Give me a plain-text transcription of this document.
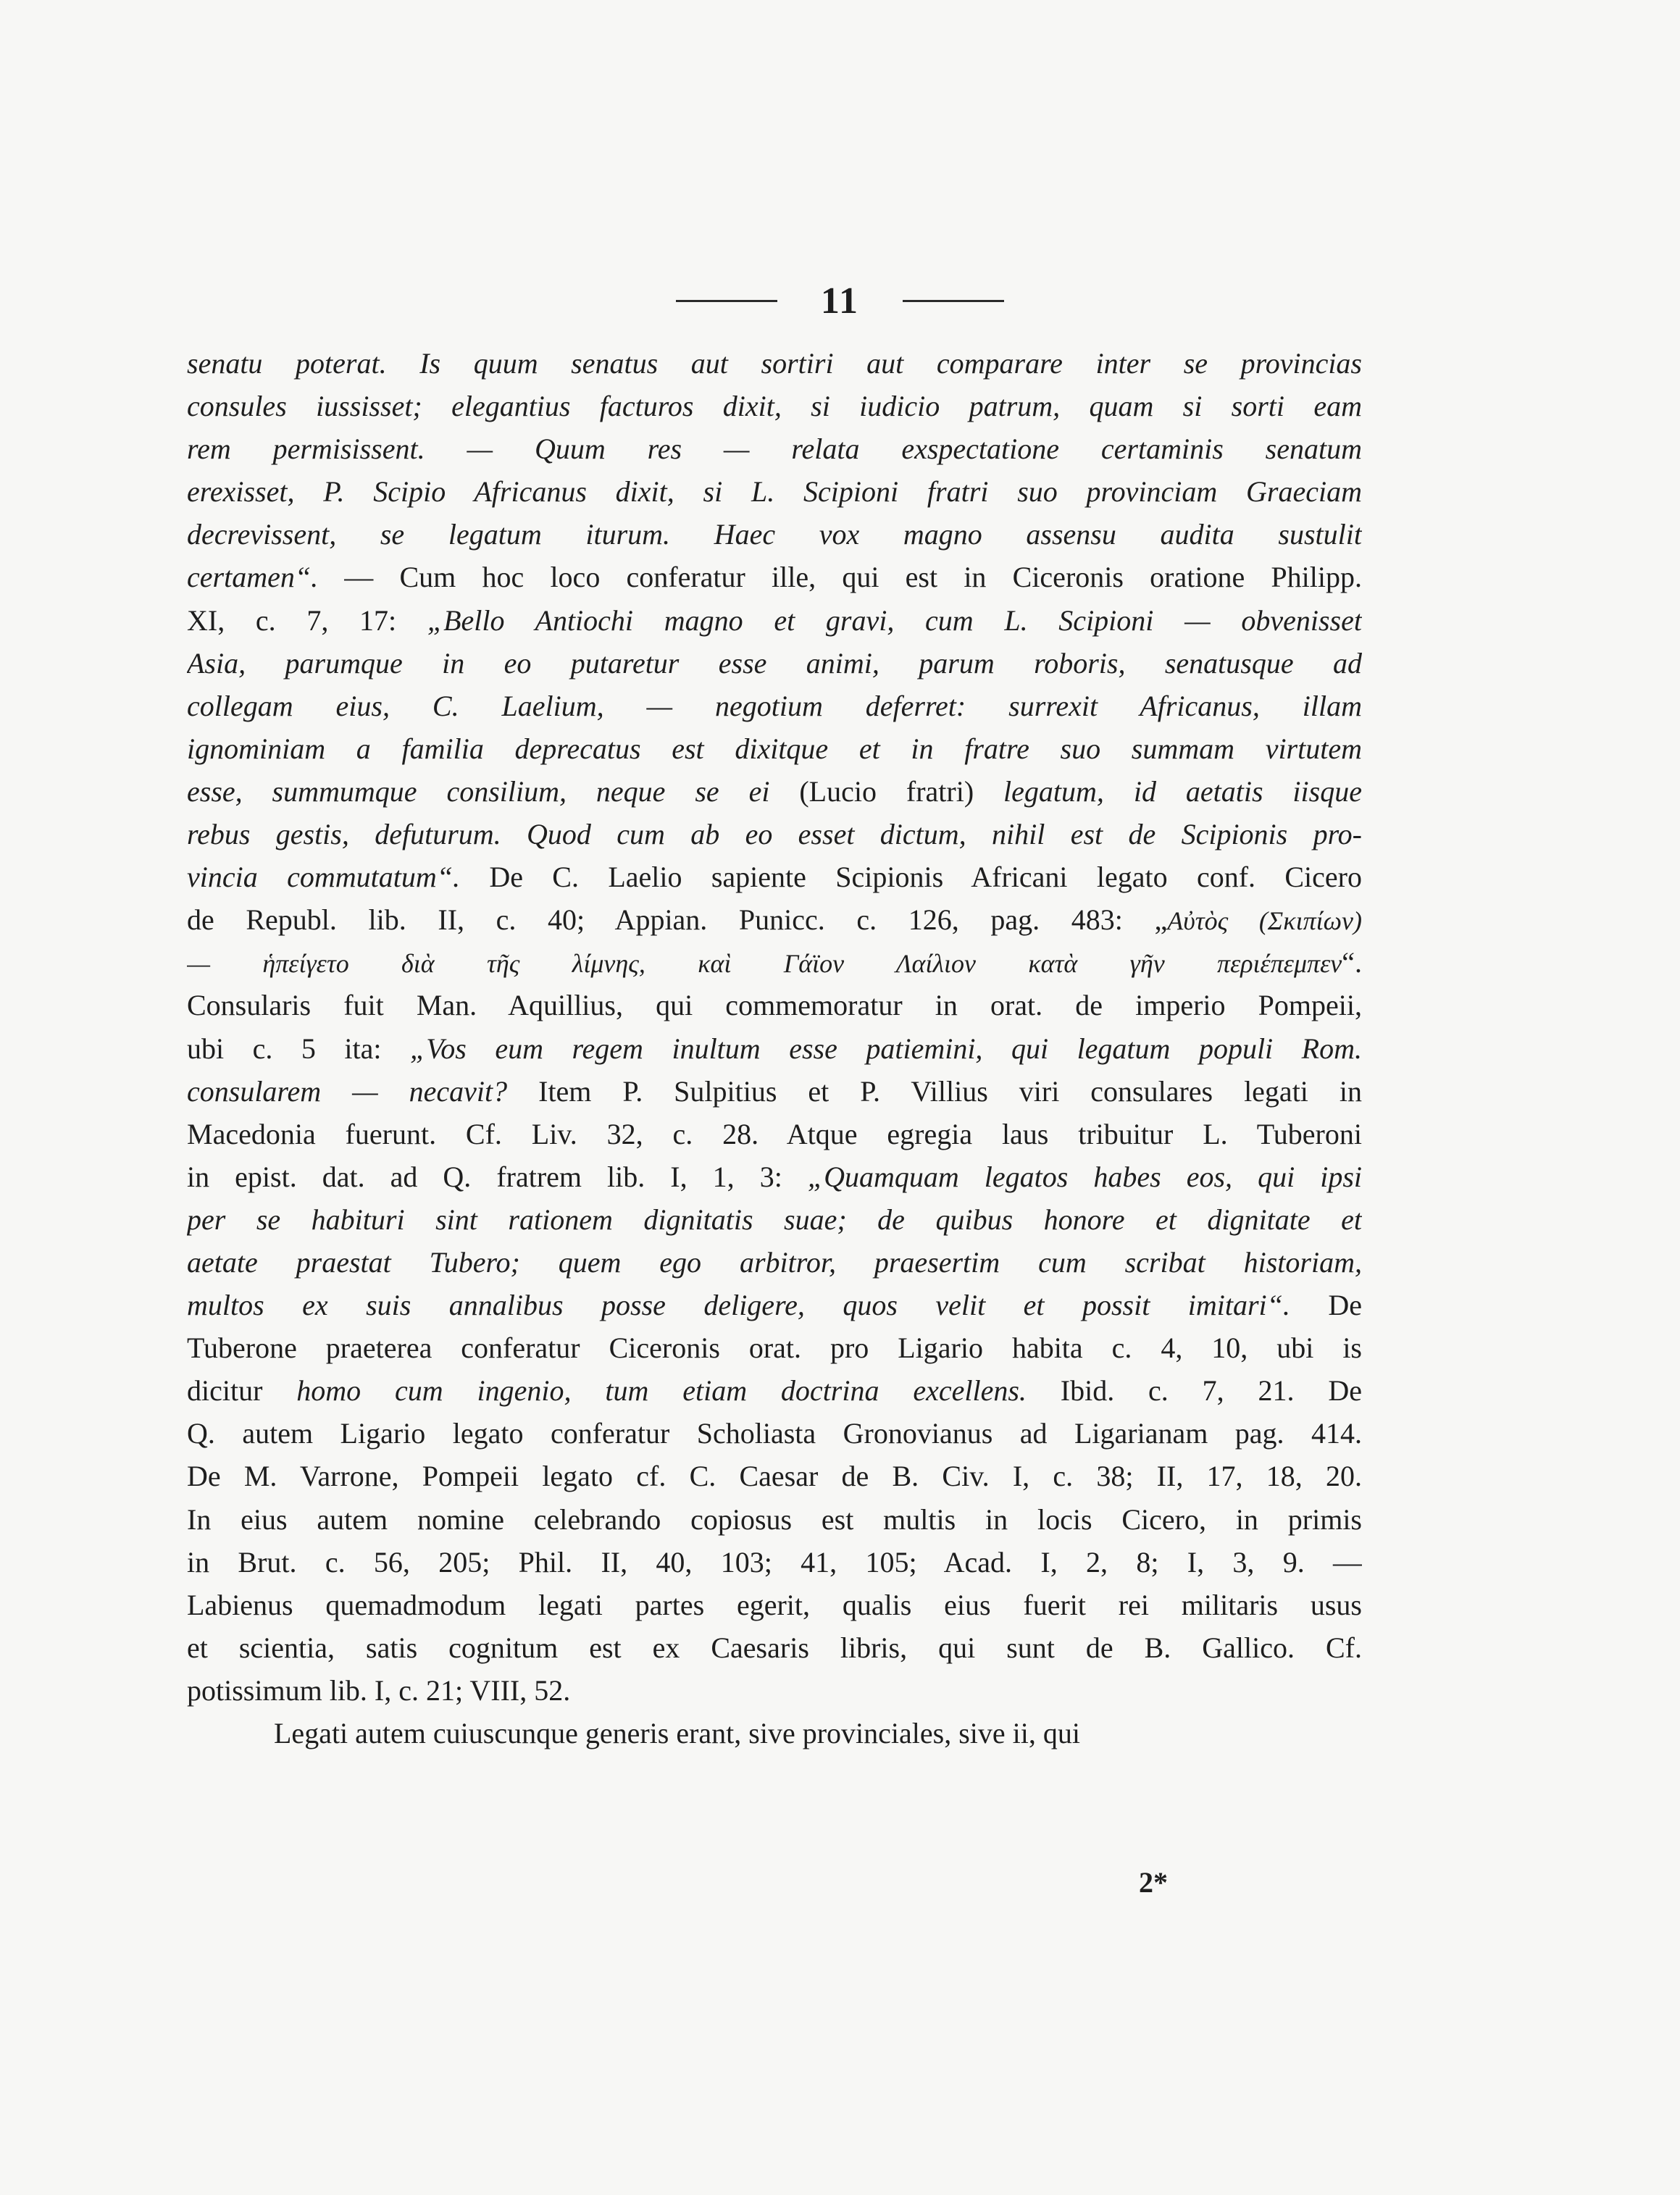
11
senatu poterat. Is quum senatus aut sortiri aut comparare inter se provincias
consules iussisset; elegantius facturos dixit, si iudicio patrum, quam si sorti eam
rem permisissent. — Quum res — relata exspectatione certaminis senatum
erexisset, P. Scipio Africanus dixit, si L. Scipioni fratri suo provinciam Graeciam
decrevissent, se legatum iturum. Haec vox magno assensu audita sustulit
certamen“. — Cum hoc loco conferatur ille, qui est in Ciceronis oratione Philipp.
XI, c. 7, 17: „Bello Antiochi magno et gravi, cum L. Scipioni — obvenisset
Asia, parumque in eo putaretur esse animi, parum roboris, senatusque ad
collegam eius, C. Laelium, — negotium deferret: surrexit Africanus, illam
ignominiam a familia deprecatus est dixitque et in fratre suo summam virtutem
esse, summumque consilium, neque se ei (Lucio fratri) legatum, id aetatis iisque
rebus gestis, defuturum. Quod cum ab eo esset dictum, nihil est de Scipionis pro-
vincia commutatum“. De C. Laelio sapiente Scipionis Africani legato conf. Cicero
de Republ. lib. II, c. 40; Appian. Punicc. c. 126, pag. 483: „Αὐτὸς (Σκιπίων)
— ἡπείγετο διὰ τῆς λίμνης, καὶ Γάϊον Λαίλιον κατὰ γῆν περιέπεμπεν“.
Consularis fuit Man. Aquillius, qui commemoratur in orat. de imperio Pompeii,
ubi c. 5 ita: „Vos eum regem inultum esse patiemini, qui legatum populi Rom.
consularem — necavit? Item P. Sulpitius et P. Villius viri consulares legati in
Macedonia fuerunt. Cf. Liv. 32, c. 28. Atque egregia laus tribuitur L. Tuberoni
in epist. dat. ad Q. fratrem lib. I, 1, 3: „Quamquam legatos habes eos, qui ipsi
per se habituri sint rationem dignitatis suae; de quibus honore et dignitate et
aetate praestat Tubero; quem ego arbitror, praesertim cum scribat historiam,
multos ex suis annalibus posse deligere, quos velit et possit imitari“. De
Tuberone praeterea conferatur Ciceronis orat. pro Ligario habita c. 4, 10, ubi is
dicitur homo cum ingenio, tum etiam doctrina excellens. Ibid. c. 7, 21. De
Q. autem Ligario legato conferatur Scholiasta Gronovianus ad Ligarianam pag. 414.
De M. Varrone, Pompeii legato cf. C. Caesar de B. Civ. I, c. 38; II, 17, 18, 20.
In eius autem nomine celebrando copiosus est multis in locis Cicero, in primis
in Brut. c. 56, 205; Phil. II, 40, 103; 41, 105; Acad. I, 2, 8; I, 3, 9. —
Labienus quemadmodum legati partes egerit, qualis eius fuerit rei militaris usus
et scientia, satis cognitum est ex Caesaris libris, qui sunt de B. Gallico. Cf.
potissimum lib. I, c. 21; VIII, 52.
Legati autem cuiuscunque generis erant, sive provinciales, sive ii, qui
2*
